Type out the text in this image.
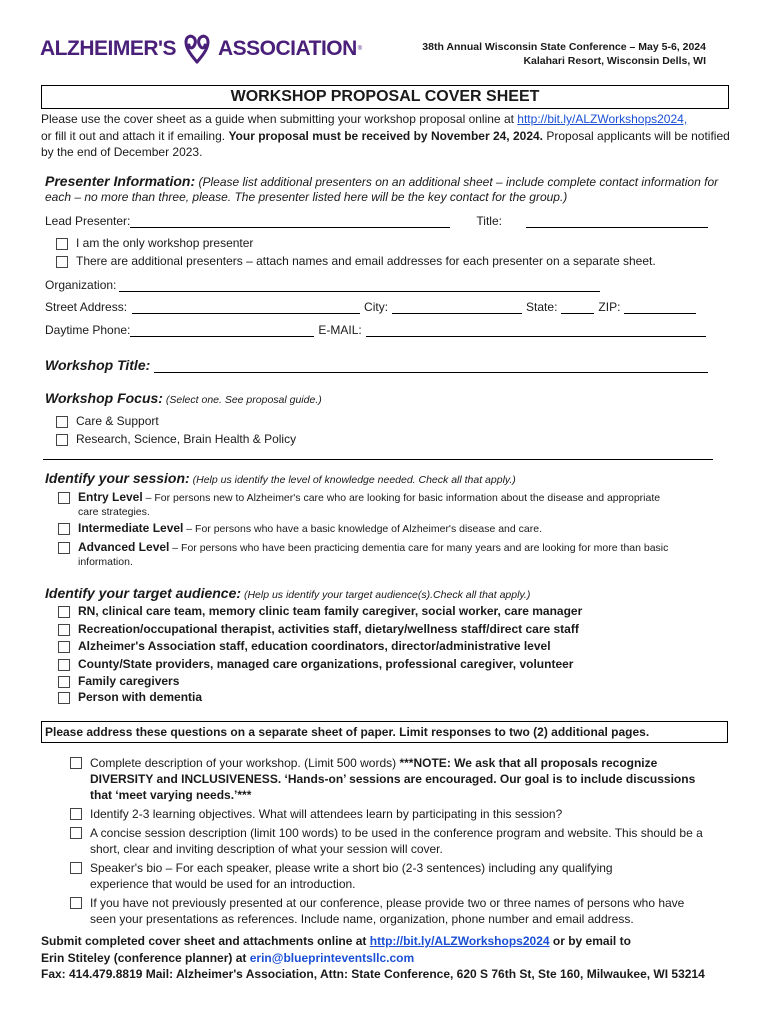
ALZHEIMER'S ASSOCIATION ®	38th Annual Wisconsin State Conference – May 5-6, 2024
Kalahari Resort, Wisconsin Dells, WI
WORKSHOP PROPOSAL COVER SHEET
Please use the cover sheet as a guide when submitting your workshop proposal online at http://bit.ly/ALZWorkshops2024,
or fill it out and attach it if emailing. Your proposal must be received by November 24, 2024. Proposal applicants will be notified by the end of December 2023.
Presenter Information: (Please list additional presenters on an additional sheet – include complete contact information for each – no more than three, please. The presenter listed here will be the key contact for the group.)
Lead Presenter:	Title:
I am the only workshop presenter
There are additional presenters – attach names and email addresses for each presenter on a separate sheet.
Organization:
Street Address:	City:	State:	ZIP:
Daytime Phone:	E-MAIL:
Workshop Title:
Workshop Focus: (Select one. See proposal guide.)
Care & Support
Research, Science, Brain Health & Policy
Identify your session: (Help us identify the level of knowledge needed. Check all that apply.)
Entry Level – For persons new to Alzheimer's care who are looking for basic information about the disease and appropriate care strategies.
Intermediate Level – For persons who have a basic knowledge of Alzheimer's disease and care.
Advanced Level – For persons who have been practicing dementia care for many years and are looking for more than basic information.
Identify your target audience: (Help us identify your target audience(s).Check all that apply.)
RN, clinical care team, memory clinic team family caregiver, social worker, care manager
Recreation/occupational therapist, activities staff, dietary/wellness staff/direct care staff
Alzheimer's Association staff, education coordinators, director/administrative level
County/State providers, managed care organizations, professional caregiver, volunteer
Family caregivers
Person with dementia
Please address these questions on a separate sheet of paper. Limit responses to two (2) additional pages.
Complete description of your workshop. (Limit 500 words) ***NOTE: We ask that all proposals recognize DIVERSITY and INCLUSIVENESS. ‘Hands-on’ sessions are encouraged. Our goal is to include discussions that ‘meet varying needs.’***
Identify 2-3 learning objectives. What will attendees learn by participating in this session?
A concise session description (limit 100 words) to be used in the conference program and website. This should be a short, clear and inviting description of what your session will cover.
Speaker's bio – For each speaker, please write a short bio (2-3 sentences) including any qualifying experience that would be used for an introduction.
If you have not previously presented at our conference, please provide two or three names of persons who have seen your presentations as references. Include name, organization, phone number and email address.
Submit completed cover sheet and attachments online at http://bit.ly/ALZWorkshops2024 or by email to
Erin Stiteley (conference planner) at erin@blueprinteventsllc.com
Fax: 414.479.8819 Mail: Alzheimer's Association, Attn: State Conference, 620 S 76th St, Ste 160, Milwaukee, WI 53214
